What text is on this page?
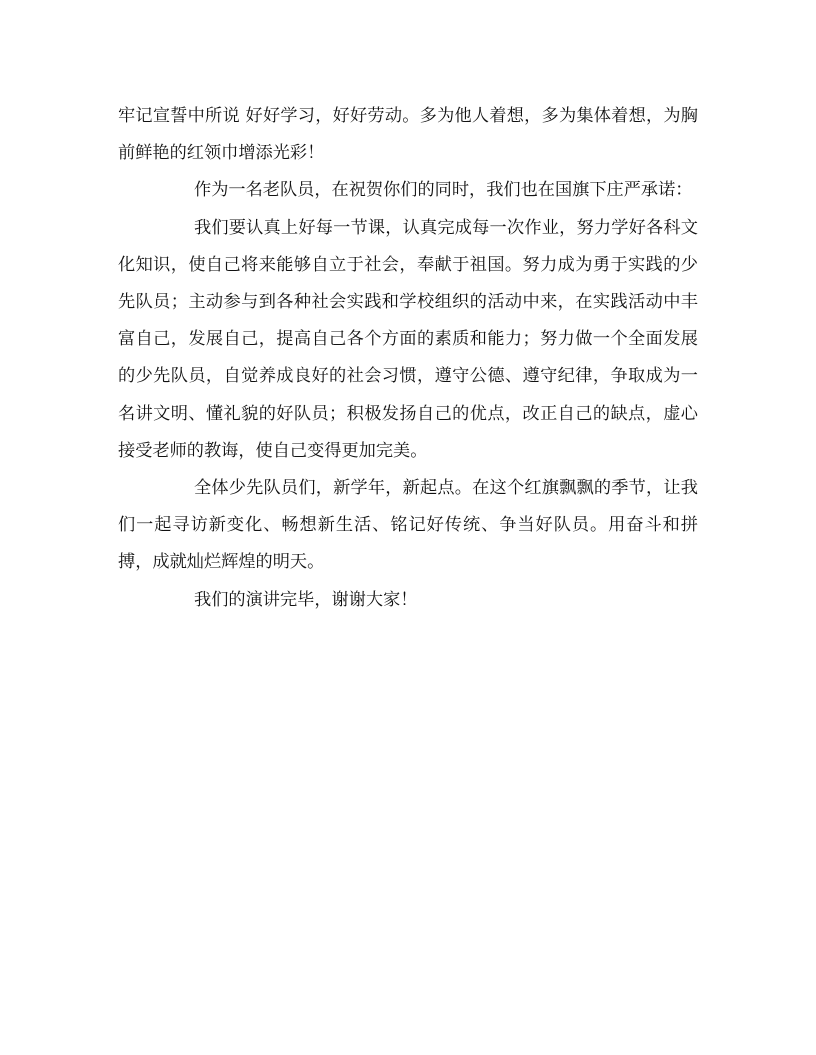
牢记宣誓中所说 好好学习，好好劳动。多为他人着想，多为集体着想，为胸前鲜艳的红领巾增添光彩！

作为一名老队员，在祝贺你们的同时，我们也在国旗下庄严承诺：

我们要认真上好每一节课，认真完成每一次作业，努力学好各科文化知识，使自己将来能够自立于社会，奉献于祖国。努力成为勇于实践的少先队员；主动参与到各种社会实践和学校组织的活动中来，在实践活动中丰富自己，发展自己，提高自己各个方面的素质和能力；努力做一个全面发展的少先队员，自觉养成良好的社会习惯，遵守公德、遵守纪律，争取成为一名讲文明、懂礼貌的好队员；积极发扬自己的优点，改正自己的缺点，虚心接受老师的教诲，使自己变得更加完美。

全体少先队员们，新学年，新起点。在这个红旗飘飘的季节，让我们一起寻访新变化、畅想新生活、铭记好传统、争当好队员。用奋斗和拼搏，成就灿烂辉煌的明天。

我们的演讲完毕，谢谢大家！
